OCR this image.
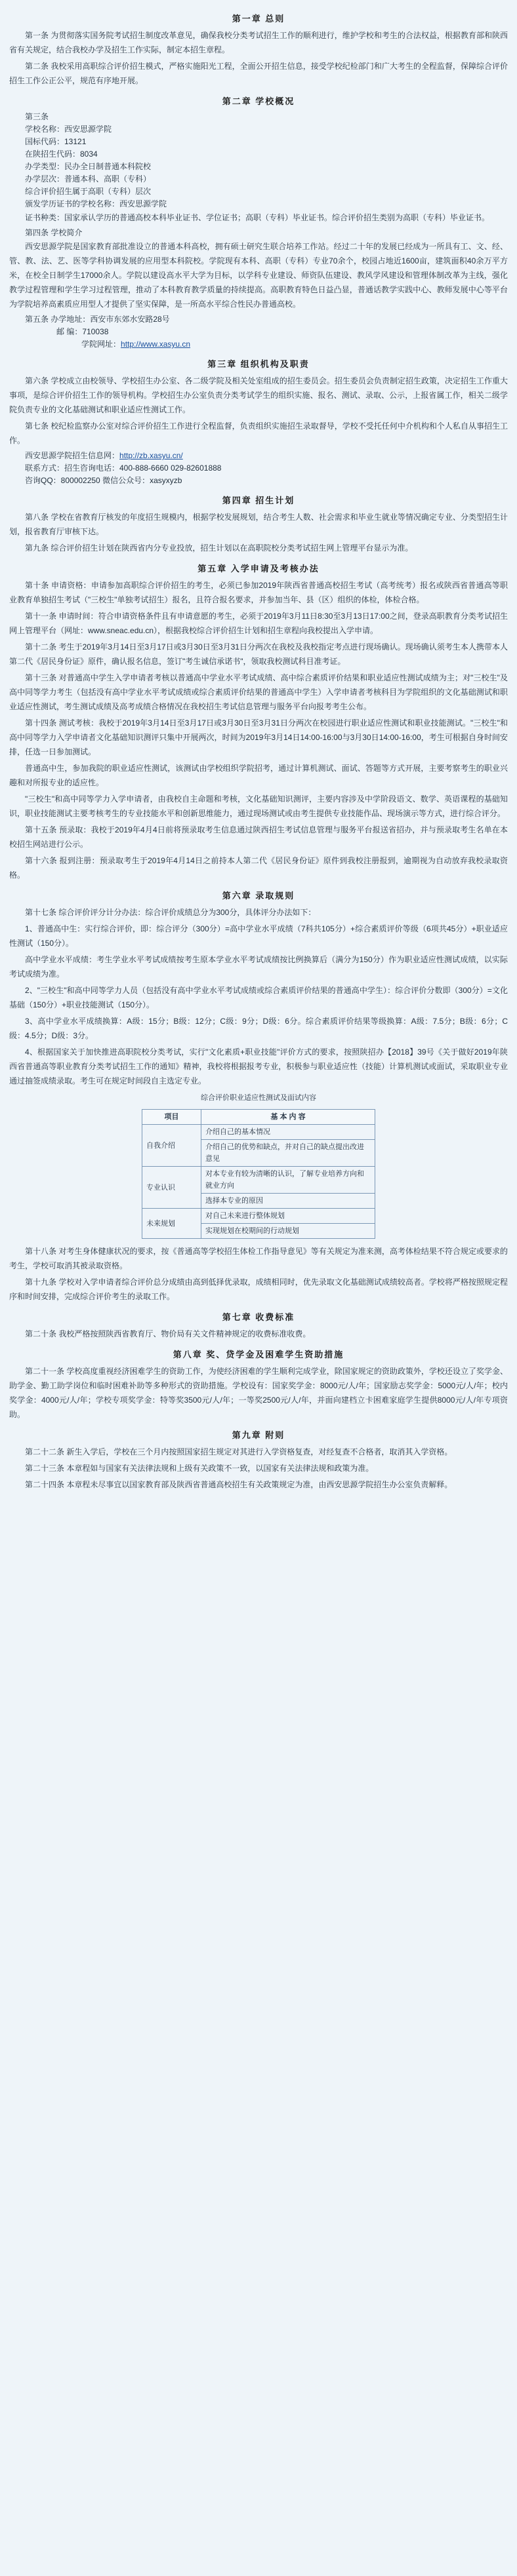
第一章 总则

第一条 为贯彻落实国务院考试招生制度改革意见，确保我校分类考试招生工作的顺利进行，维护学校和考生的合法权益，根据教育部和陕西省有关规定，结合我校办学及招生工作实际，制定本招生章程。

第二条 我校采用高职综合评价招生模式，严格实施阳光工程，全面公开招生信息，接受学校纪检部门和广大考生的全程监督，保障综合评价招生工作公正公平，规范有序地开展。

第二章 学校概况
第三条
学校名称：西安思源学院
国标代码：13121
在陕招生代码：8034
办学类型：民办全日制普通本科院校
办学层次：普通本科、高职（专科）
综合评价招生属于高职（专科）层次
颁发学历证书的学校名称：西安思源学院

证书种类：国家承认学历的普通高校本科毕业证书、学位证书；高职（专科）毕业证书。综合评价招生类别为高职（专科）毕业证书。

第四条 学校简介

西安思源学院是国家教育部批准设立的普通本科高校，拥有硕士研究生联合培养工作站。经过二十年的发展已经成为一所具有工、文、经、管、教、法、艺、医等学科协调发展的应用型本科院校。学院现有本科、高职（专科）专业70余个，校园占地近1600亩，建筑面积40余万平方米，在校全日制学生17000余人。学院以建设高水平大学为目标，以学科专业建设、师资队伍建设、教风学风建设和管理体制改革为主线，强化教学过程管理和学生学习过程管理，推动了本科教育教学质量的持续提高。高职教育特色日益凸显，普通话教学实践中心、教师发展中心等平台为学院培养高素质应用型人才提供了坚实保障，是一所高水平综合性民办普通高校。

第五条 办学地址：西安市东郊水安路28号
邮 编：710038
学院网址：http://www.xasyu.cn
第三章 组织机构及职责

第六条 学校成立由校领导、学校招生办公室、各二级学院及相关处室组成的招生委员会。招生委员会负责制定招生政策，决定招生工作重大事项，是综合评价招生工作的领导机构。学校招生办公室负责分类考试学生的组织实施、报名、测试、录取、公示，上报省属工作，相关二级学院负责专业的文化基础测试和职业适应性测试工作。

第七条 校纪检监察办公室对综合评价招生工作进行全程监督，负责组织实施招生录取督导，学校不受托任何中介机构和个人私自从事招生工作。

西安思源学院招生信息网：http://zb.xasyu.cn/
联系方式：招生咨询电话：400-888-6660 029-82601888
咨询QQ：800002250 微信公众号：xasyxyzb
第四章 招生计划

第八条 学校在省教育厅核发的年度招生规模内，根据学校发展规划，结合考生人数、社会需求和毕业生就业等情况确定专业、分类型招生计划，报省教育厅审核下达。

第九条 综合评价招生计划在陕西省内分专业投放，招生计划以在高职院校分类考试招生网上管理平台显示为准。

第五章 入学申请及考核办法

第十条 申请资格：申请参加高职综合评价招生的考生，必须已参加2019年陕西省普通高校招生考试（高考统考）报名或陕西省普通高等职业教育单独招生考试（"三校生"单独考试招生）报名，且符合报名要求，并参加当年、县（区）组织的体检，体检合格。

第十一条 申请时间：符合申请资格条件且有申请意愿的考生，必须于2019年3月11日8:30至3月13日17:00之间，登录高职教育分类考试招生网上管理平台（网址：www.sneac.edu.cn），根据我校综合评价招生计划和招生章程向我校提出入学申请。

第十二条 考生于2019年3月14日至3月17日或3月30日至3月31日分两次在我校及我校指定考点进行现场确认。现场确认须考生本人携带本人第二代《居民身份证》原件，确认报名信息，签订"考生诚信承诺书"，领取我校测试科目准考证。

第十三条 对普通高中学生入学申请者考核以普通高中学业水平考试成绩、高中综合素质评价结果和职业适应性测试成绩为主；对"三校生"及高中同等学力考生（包括没有高中学业水平考试成绩或综合素质评价结果的普通高中学生）入学申请者考核科目为学院组织的文化基础测试和职业适应性测试，考生测试成绩及高考成绩合格情况在我校招生考试信息管理与服务平台向报考考生公布。

第十四条 测试考核：我校于2019年3月14日至3月17日或3月30日至3月31日分两次在校园进行职业适应性测试和职业技能测试。"三校生"和高中同等学力入学申请者文化基础知识测评只集中开展两次，时间为2019年3月14日14:00-16:00与3月30日14:00-16:00，考生可根据自身时间安排，任选一日参加测试。

普通高中生，参加我院的职业适应性测试，该测试由学校组织学院招考，通过计算机测试、面试、答题等方式开展，主要考察考生的职业兴趣和对所报专业的适应性。

"三校生"和高中同等学力入学申请者，由我校自主命题和考核，文化基础知识测评，主要内容涉及中学阶段语文、数学、英语课程的基础知识，职业技能测试主要考核考生的专业技能水平和创新思维能力，通过现场测试或由考生提供专业技能作品、现场演示等方式，进行综合评分。

第十五条 预录取：我校于2019年4月4日前将预录取考生信息通过陕西招生考试信息管理与服务平台报送省招办，并与预录取考生名单在本校招生网站进行公示。

第十六条 报到注册：预录取考生于2019年4月14日之前持本人第二代《居民身份证》原件到我校注册报到，逾期视为自动放弃我校录取资格。

第六章 录取规则

第十七条 综合评价评分计分办法：综合评价成绩总分为300分，具体评分办法如下：

1、普通高中生：实行综合评价，即：综合评分（300分）=高中学业水平成绩（7科共105分）+综合素质评价等级（6项共45分）+职业适应性测试（150分）。

高中学业水平成绩：考生学业水平考试成绩按考生原本学业水平考试成绩按比例换算后（满分为150分）作为职业适应性测试成绩，以实际考试成绩为准。

2、"三校生"和高中同等学力人员（包括没有高中学业水平考试成绩或综合素质评价结果的普通高中学生）：综合评价分数即（300分）=文化基础（150分）+职业技能测试（150分）。

3、高中学业水平成绩换算：A级：15分；B级：12分；C级：9分；D级：6分。综合素质评价结果等级换算：A级：7.5分；B级：6分；C级：4.5分；D级：3分。

4、根据国家关于加快推进高职院校分类考试，实行"文化素质+职业技能"评价方式的要求，按照陕招办【2018】39号《关于做好2019年陕西省普通高等职业教育分类考试招生工作的通知》精神，我校将根据报考专业，积极参与职业适应性（技能）计算机测试或面试，采取职业专业通过抽签成绩录取。考生可在规定时间段自主选定专业。

综合评价职业适应性测试及面试内容
项目	基 本 内 容
自我介绍	介绍自己的基本情况
	介绍自己的优势和缺点，并对自己的缺点提出改进意见
专业认识	对本专业有较为清晰的认识，了解专业培养方向和就业方向
	选择本专业的原因
未来规划	对自己未来进行整体规划
	实现规划在校期间的行动规划

第十八条 对考生身体健康状况的要求，按《普通高等学校招生体检工作指导意见》等有关规定为准来测，高考体检结果不符合规定或要求的考生，学校可取消其被录取资格。

第十九条 学校对入学申请者综合评价总分成绩由高到低择优录取，成绩相同时，优先录取文化基础测试成绩较高者。学校将严格按照规定程序和时间安排，完成综合评价考生的录取工作。

第七章 收费标准

第二十条 我校严格按照陕西省教育厅、物价局有关文件精神规定的收费标准收费。

第八章 奖、贷学金及困难学生资助措施

第二十一条 学校高度重视经济困难学生的资助工作，为使经济困难的学生顺利完成学业，除国家规定的资助政策外，学校还设立了奖学金、助学金、勤工助学岗位和临时困难补助等多种形式的资助措施。学校设有：国家奖学金：8000元/人/年；国家励志奖学金：5000元/人/年；校内奖学金：4000元/人/年；学校专项奖学金：特等奖3500元/人/年；一等奖2500元/人/年，并面向建档立卡困难家庭学生提供8000元/人/年专项资助。

第九章 附则

第二十二条 新生入学后，学校在三个月内按照国家招生规定对其进行入学资格复查，对经复查不合格者，取消其入学资格。

第二十三条 本章程如与国家有关法律法规和上级有关政策不一致，以国家有关法律法规和政策为准。

第二十四条 本章程未尽事宜以国家教育部及陕西省普通高校招生有关政策规定为准，由西安思源学院招生办公室负责解释。
